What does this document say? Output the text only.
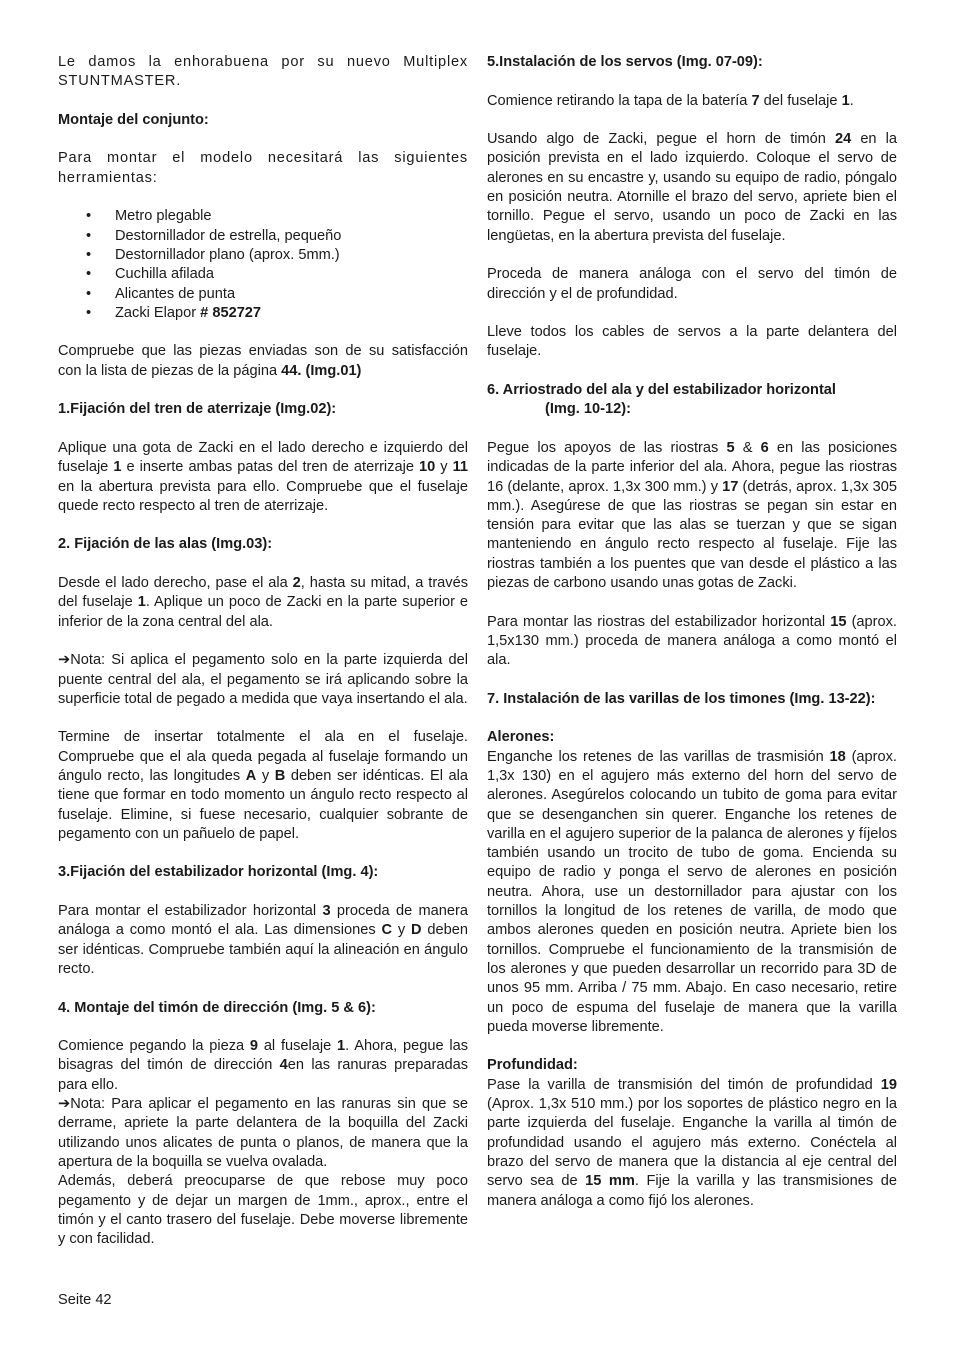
Le damos la enhorabuena por su nuevo Multiplex STUNTMASTER.

Montaje del conjunto:

Para montar el modelo necesitará las siguientes herramientas:

• Metro plegable
• Destornillador de estrella, pequeño
• Destornillador plano (aprox. 5mm.)
• Cuchilla afilada
• Alicantes de punta
• Zacki Elapor # 852727

Compruebe que las piezas enviadas son de su satisfacción con la lista de piezas de la página 44. (Img.01)

1.Fijación del tren de aterrizaje (Img.02):

Aplique una gota de Zacki en el lado derecho e izquierdo del fuselaje 1 e inserte ambas patas del tren de aterrizaje 10 y 11 en la abertura prevista para ello. Compruebe que el fuselaje quede recto respecto al tren de aterrizaje.

2. Fijación de las alas (Img.03):

Desde el lado derecho, pase el ala 2, hasta su mitad, a través del fuselaje 1. Aplique un poco de Zacki en la parte superior e inferior de la zona central del ala.

➔Nota: Si aplica el pegamento solo en la parte izquierda del puente central del ala, el pegamento se irá aplicando sobre la superficie total de pegado a medida que vaya insertando el ala.

Termine de insertar totalmente el ala en el fuselaje. Compruebe que el ala queda pegada al fuselaje formando un ángulo recto, las longitudes A y B deben ser idénticas. El ala tiene que formar en todo momento un ángulo recto respecto al fuselaje. Elimine, si fuese necesario, cualquier sobrante de pegamento con un pañuelo de papel.

3.Fijación del estabilizador horizontal (Img. 4):

Para montar el estabilizador horizontal 3 proceda de manera análoga a como montó el ala. Las dimensiones C y D deben ser idénticas. Compruebe también aquí la alineación en ángulo recto.

4. Montaje del timón de dirección (Img. 5 & 6):

Comience pegando la pieza 9 al fuselaje 1. Ahora, pegue las bisagras del timón de dirección 4en las ranuras preparadas para ello.

➔Nota: Para aplicar el pegamento en las ranuras sin que se derrame, apriete la parte delantera de la boquilla del Zacki utilizando unos alicates de punta o planos, de manera que la apertura de la boquilla se vuelva ovalada.

Además, deberá preocuparse de que rebose muy poco pegamento y de dejar un margen de 1mm., aprox., entre el timón y el canto trasero del fuselaje. Debe moverse libremente y con facilidad.

5.Instalación de los servos (Img. 07-09):

Comience retirando la tapa de la batería 7 del fuselaje 1.

Usando algo de Zacki, pegue el horn de timón 24 en la posición prevista en el lado izquierdo. Coloque el servo de alerones en su encastre y, usando su equipo de radio, póngalo en posición neutra. Atornille el brazo del servo, apriete bien el tornillo. Pegue el servo, usando un poco de Zacki en las lengüetas, en la abertura prevista del fuselaje.

Proceda de manera análoga con el servo del timón de dirección y el de profundidad.

Lleve todos los cables de servos a la parte delantera del fuselaje.

6. Arriostrado del ala y del estabilizador horizontal
(Img. 10-12):

Pegue los apoyos de las riostras 5 & 6 en las posiciones indicadas de la parte inferior del ala. Ahora, pegue las riostras 16 (delante, aprox. 1,3x 300 mm.) y 17 (detrás, aprox. 1,3x 305 mm.). Asegúrese de que las riostras se pegan sin estar en tensión para evitar que las alas se tuerzan y que se sigan manteniendo en ángulo recto respecto al fuselaje. Fije las riostras también a los puentes que van desde el plástico a las piezas de carbono usando unas gotas de Zacki.

Para montar las riostras del estabilizador horizontal 15 (aprox. 1,5x130 mm.) proceda de manera análoga a como montó el ala.

7. Instalación de las varillas de los timones (Img. 13-22):
Alerones:

Enganche los retenes de las varillas de trasmisión 18 (aprox. 1,3x 130) en el agujero más externo del horn del servo de alerones. Asegúrelos colocando un tubito de goma para evitar que se desenganchen sin querer. Enganche los retenes de varilla en el agujero superior de la palanca de alerones y fíjelos también usando un trocito de tubo de goma. Encienda su equipo de radio y ponga el servo de alerones en posición neutra. Ahora, use un destornillador para ajustar con los tornillos la longitud de los retenes de varilla, de modo que ambos alerones queden en posición neutra. Apriete bien los tornillos. Compruebe el funcionamiento de la transmisión de los alerones y que pueden desarrollar un recorrido para 3D de unos 95 mm. Arriba / 75 mm. Abajo. En caso necesario, retire un poco de espuma del fuselaje de manera que la varilla pueda moverse libremente.

Profundidad:

Pase la varilla de transmisión del timón de profundidad 19 (Aprox. 1,3x 510 mm.) por los soportes de plástico negro en la parte izquierda del fuselaje. Enganche la varilla al timón de profundidad usando el agujero más externo. Conéctela al brazo del servo de manera que la distancia al eje central del servo sea de 15 mm. Fije la varilla y las transmisiones de manera análoga a como fijó los alerones.

Seite 42
